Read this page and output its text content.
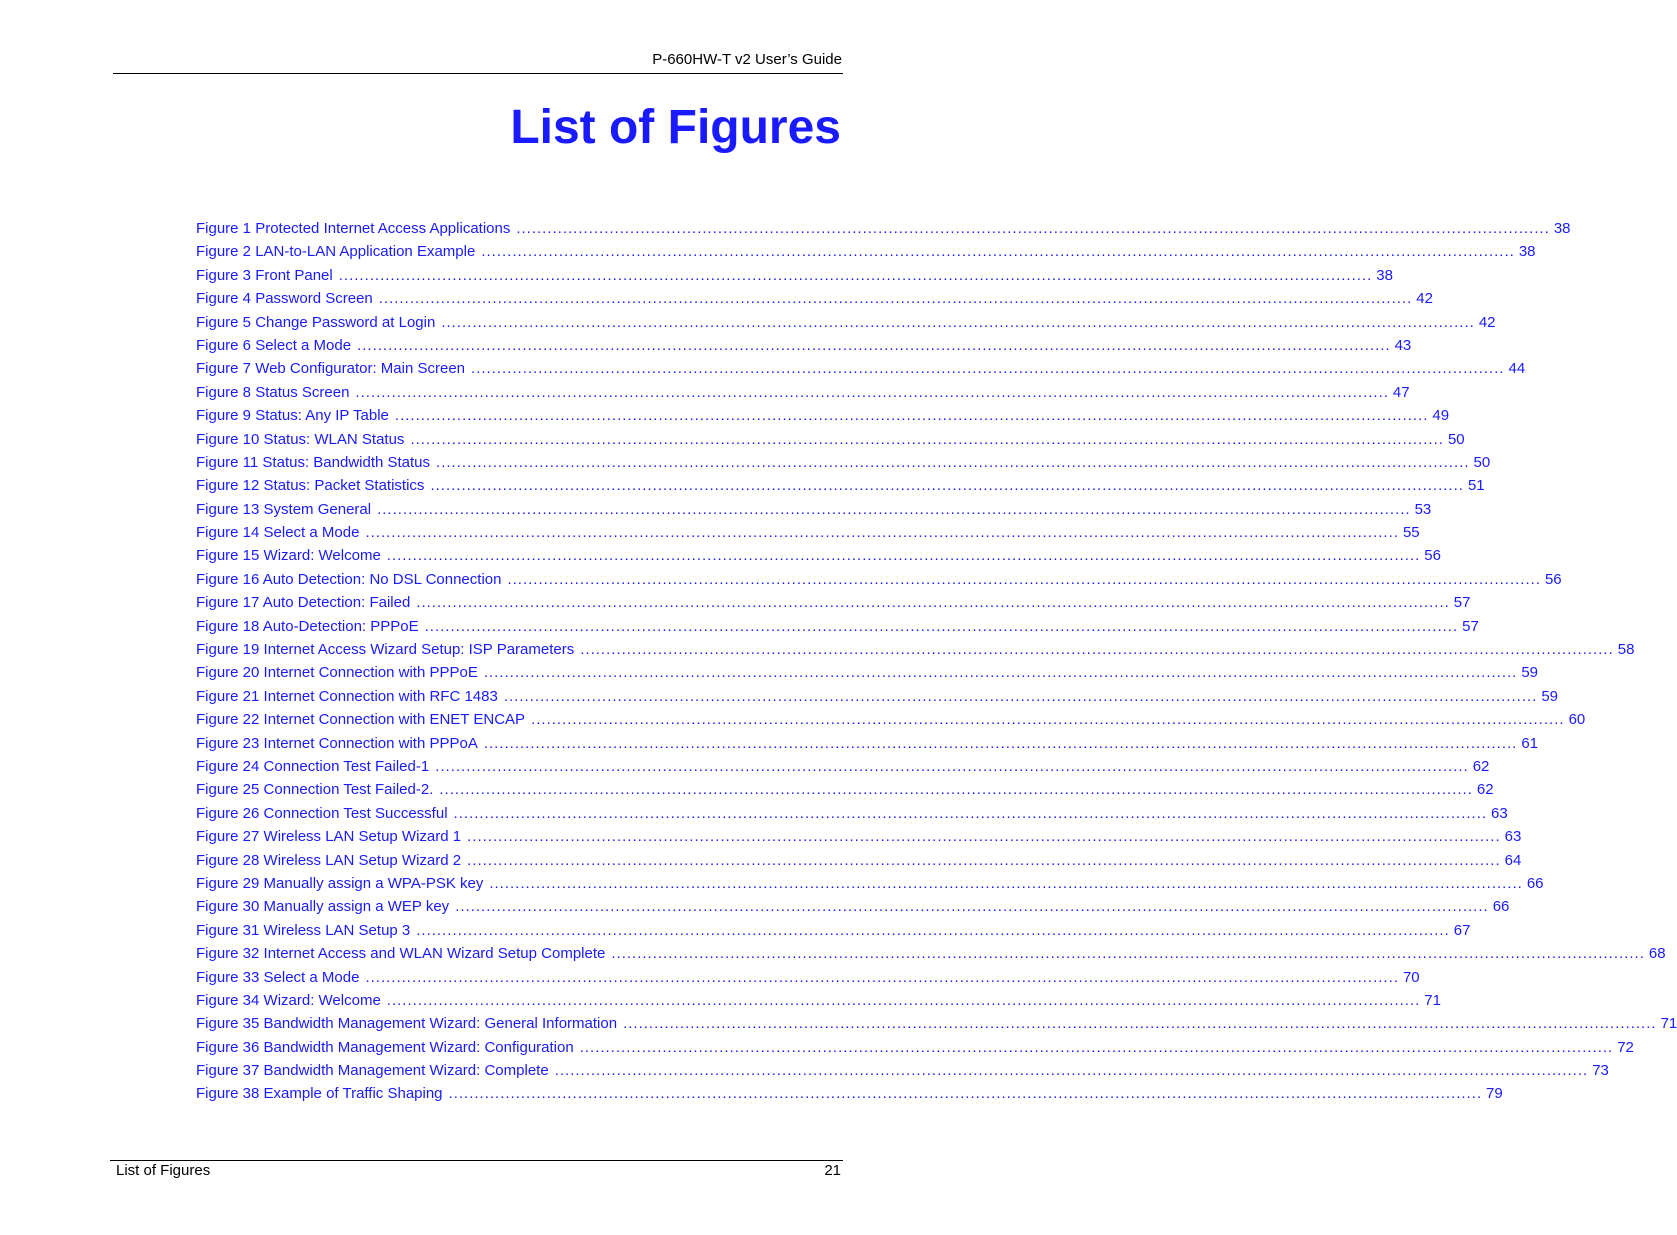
P-660HW-T v2 User’s Guide
List of Figures
Figure 1 Protected Internet Access Applications ........................................................................................................................................................................................................ 38
Figure 2 LAN-to-LAN Application Example ........................................................................................................................................................................................................ 38
Figure 3 Front Panel ........................................................................................................................................................................................................ 38
Figure 4 Password Screen ........................................................................................................................................................................................................ 42
Figure 5 Change Password at Login ........................................................................................................................................................................................................ 42
Figure 6 Select a Mode ........................................................................................................................................................................................................ 43
Figure 7 Web Configurator: Main Screen ........................................................................................................................................................................................................ 44
Figure 8 Status Screen ........................................................................................................................................................................................................ 47
Figure 9 Status: Any IP Table ........................................................................................................................................................................................................ 49
Figure 10 Status: WLAN Status ........................................................................................................................................................................................................ 50
Figure 11 Status: Bandwidth Status ........................................................................................................................................................................................................ 50
Figure 12 Status: Packet Statistics ........................................................................................................................................................................................................ 51
Figure 13 System General ........................................................................................................................................................................................................ 53
Figure 14 Select a Mode ........................................................................................................................................................................................................ 55
Figure 15 Wizard: Welcome ........................................................................................................................................................................................................ 56
Figure 16 Auto Detection: No DSL Connection ........................................................................................................................................................................................................ 56
Figure 17 Auto Detection: Failed ........................................................................................................................................................................................................ 57
Figure 18 Auto-Detection: PPPoE ........................................................................................................................................................................................................ 57
Figure 19 Internet Access Wizard Setup: ISP Parameters ........................................................................................................................................................................................................ 58
Figure 20 Internet Connection with PPPoE ........................................................................................................................................................................................................ 59
Figure 21 Internet Connection with RFC 1483 ........................................................................................................................................................................................................ 59
Figure 22 Internet Connection with ENET ENCAP ........................................................................................................................................................................................................ 60
Figure 23 Internet Connection with PPPoA ........................................................................................................................................................................................................ 61
Figure 24 Connection Test Failed-1 ........................................................................................................................................................................................................ 62
Figure 25 Connection Test Failed-2. ........................................................................................................................................................................................................ 62
Figure 26 Connection Test Successful ........................................................................................................................................................................................................ 63
Figure 27 Wireless LAN Setup Wizard 1 ........................................................................................................................................................................................................ 63
Figure 28 Wireless LAN Setup Wizard 2 ........................................................................................................................................................................................................ 64
Figure 29 Manually assign a WPA-PSK key ........................................................................................................................................................................................................ 66
Figure 30 Manually assign a WEP key ........................................................................................................................................................................................................ 66
Figure 31 Wireless LAN Setup 3 ........................................................................................................................................................................................................ 67
Figure 32 Internet Access and WLAN Wizard Setup Complete ........................................................................................................................................................................................................ 68
Figure 33 Select a Mode ........................................................................................................................................................................................................ 70
Figure 34 Wizard: Welcome ........................................................................................................................................................................................................ 71
Figure 35 Bandwidth Management Wizard: General Information ........................................................................................................................................................................................................ 71
Figure 36 Bandwidth Management Wizard: Configuration ........................................................................................................................................................................................................ 72
Figure 37 Bandwidth Management Wizard: Complete ........................................................................................................................................................................................................ 73
Figure 38 Example of Traffic Shaping ........................................................................................................................................................................................................ 79
List of Figures	21
